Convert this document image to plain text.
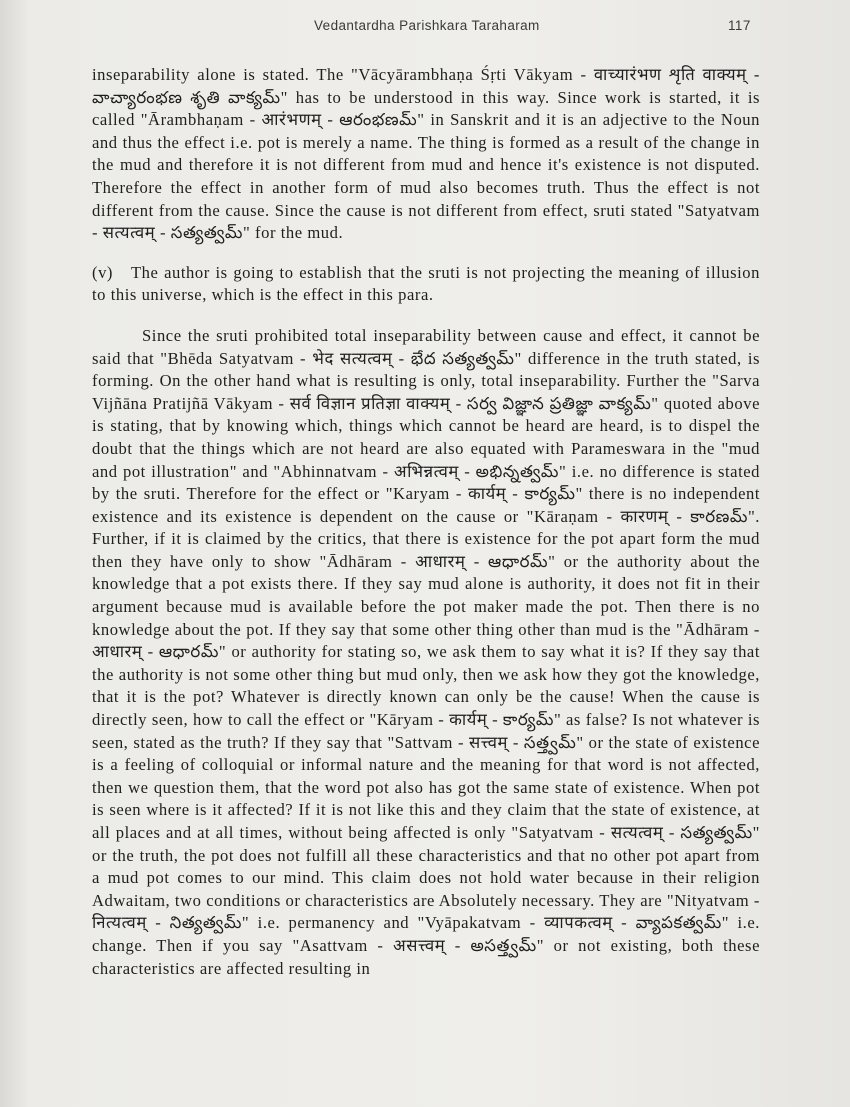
Vedantardha Parishkara Taraharam	117

inseparability alone is stated. The "Vācyārambhaṇa Śṛti Vākyam - वाच्यारंभण शृति वाक्यम् - వాచ్యారంభణ శృతి వాక్యమ్" has to be understood in this way. Since work is started, it is called "Ārambhaṇam - आरंभणम् - ఆరంభణమ్" in Sanskrit and it is an adjective to the Noun and thus the effect i.e. pot is merely a name. The thing is formed as a result of the change in the mud and therefore it is not different from mud and hence it's existence is not disputed. Therefore the effect in another form of mud also becomes truth. Thus the effect is not different from the cause. Since the cause is not different from effect, sruti stated "Satyatvam - सत्यत्वम् - సత్యత్వమ్" for the mud.

(v) The author is going to establish that the sruti is not projecting the meaning of illusion to this universe, which is the effect in this para.

Since the sruti prohibited total inseparability between cause and effect, it cannot be said that "Bhēda Satyatvam - भेद सत्यत्वम् - భేద సత్యత్వమ్" difference in the truth stated, is forming. On the other hand what is resulting is only, total inseparability. Further the "Sarva Vijñāna Pratijñā Vākyam - सर्व विज्ञान प्रतिज्ञा वाक्यम् - సర్వ విజ్ఞాన ప్రతిజ్ఞా వాక్యమ్" quoted above is stating, that by knowing which, things which cannot be heard are heard, is to dispel the doubt that the things which are not heard are also equated with Parameswara in the "mud and pot illustration" and "Abhinnatvam - अभिन्नत्वम् - అభిన్నత్వమ్" i.e. no difference is stated by the sruti. Therefore for the effect or "Karyam - कार्यम् - కార్యమ్" there is no independent existence and its existence is dependent on the cause or "Kāraṇam - कारणम् - కారణమ్". Further, if it is claimed by the critics, that there is existence for the pot apart form the mud then they have only to show "Ādhāram - आधारम् - ఆధారమ్" or the authority about the knowledge that a pot exists there. If they say mud alone is authority, it does not fit in their argument because mud is available before the pot maker made the pot. Then there is no knowledge about the pot. If they say that some other thing other than mud is the "Ādhāram - आधारम् - ఆధారమ్" or authority for stating so, we ask them to say what it is? If they say that the authority is not some other thing but mud only, then we ask how they got the knowledge, that it is the pot? Whatever is directly known can only be the cause! When the cause is directly seen, how to call the effect or "Kāryam - कार्यम् - కార్యమ్" as false? Is not whatever is seen, stated as the truth? If they say that "Sattvam - सत्त्वम् - సత్త్వమ్" or the state of existence is a feeling of colloquial or informal nature and the meaning for that word is not affected, then we question them, that the word pot also has got the same state of existence. When pot is seen where is it affected? If it is not like this and they claim that the state of existence, at all places and at all times, without being affected is only "Satyatvam - सत्यत्वम् - సత్యత్వమ్" or the truth, the pot does not fulfill all these characteristics and that no other pot apart from a mud pot comes to our mind. This claim does not hold water because in their religion Adwaitam, two conditions or characteristics are Absolutely necessary. They are "Nityatvam - नित्यत्वम् - నిత్యత్వమ్" i.e. permanency and "Vyāpakatvam - व्यापकत्वम् - వ్యాపకత్వమ్" i.e. change. Then if you say "Asattvam - असत्त्वम् - అసత్త్వమ్" or not existing, both these characteristics are affected resulting in
